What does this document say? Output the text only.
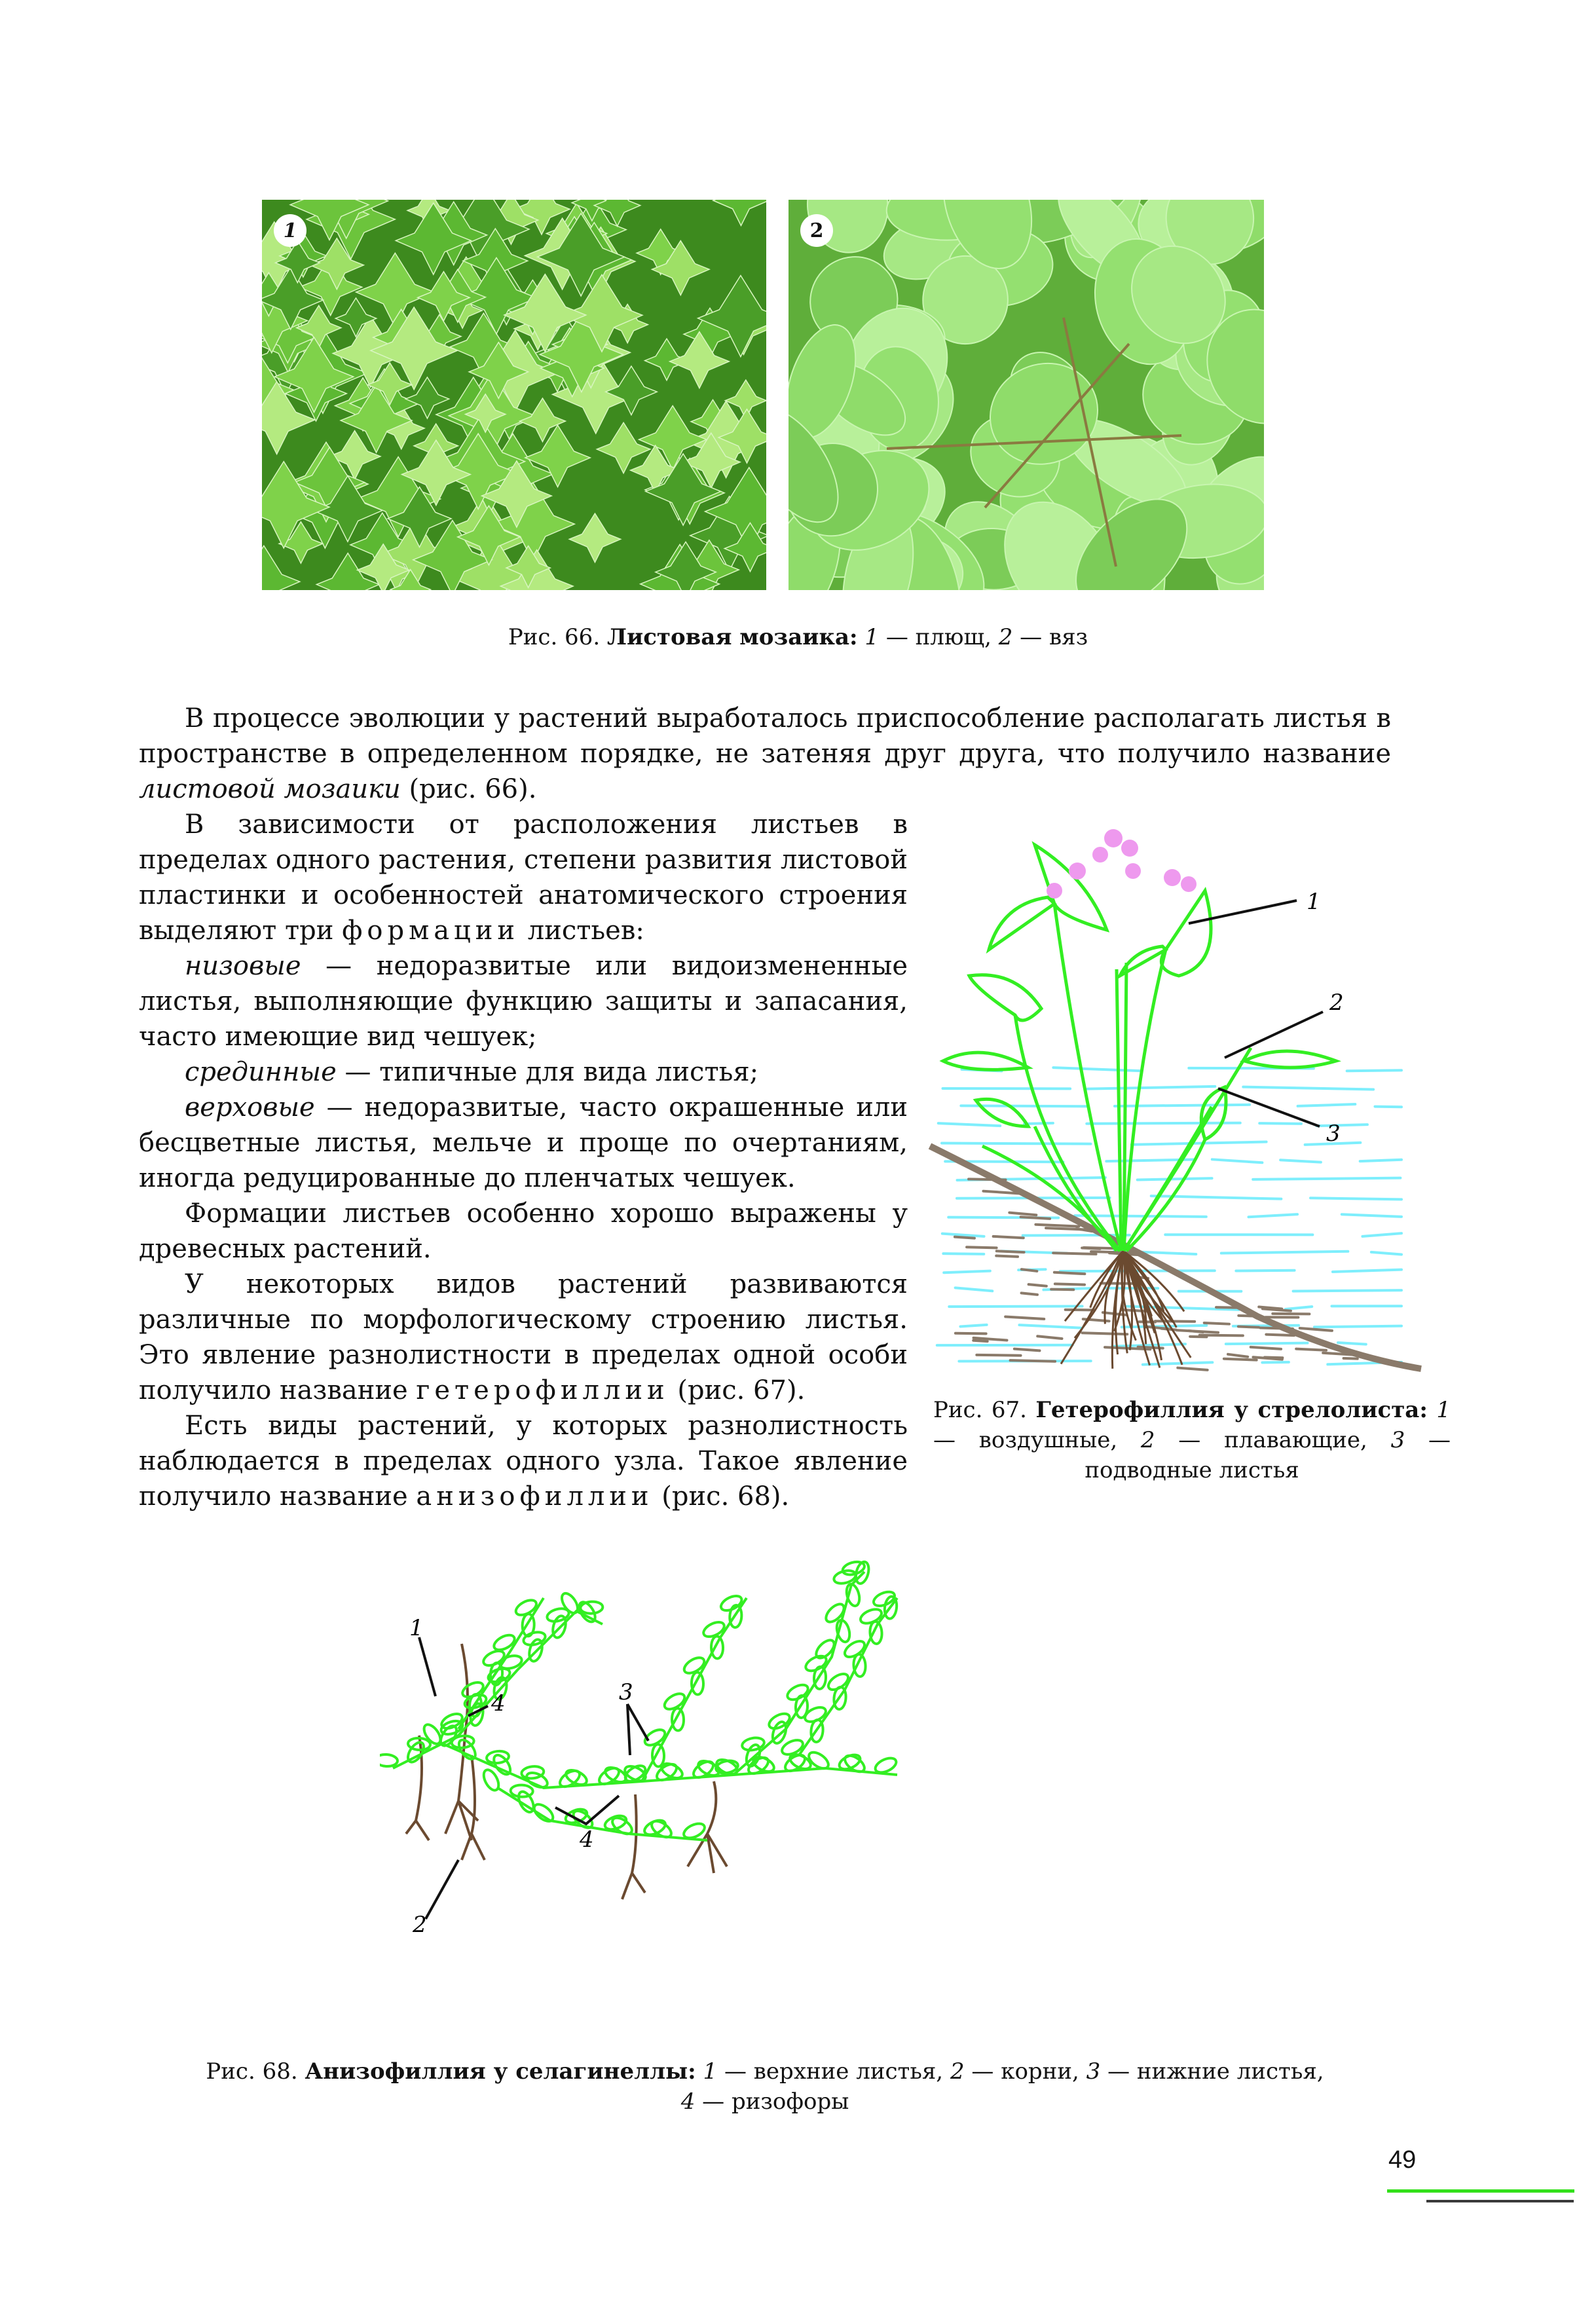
1	2
Рис. 66. Листовая мозаика: 1 — плющ, 2 — вяз

В процессе эволюции у растений выработалось приспособление располагать листья в пространстве в определенном порядке, не затеняя друг друга, что получило название листовой мозаики (рис. 66).

В зависимости от расположения листьев в пределах одного растения, степени развития листовой пластинки и особенностей анатомического строения выделяют три формации листьев:

низовые — недоразвитые или видоизмененные листья, выполняющие функцию защиты и запасания, часто имеющие вид чешуек;

срединные — типичные для вида листья;

верховые — недоразвитые, часто окрашенные или бесцветные листья, мельче и проще по очертаниям, иногда редуцированные до пленчатых чешуек.

Формации листьев особенно хорошо выражены у древесных растений.

У некоторых видов растений развиваются различные по морфологическому строению листья. Это явление разнолистности в пределах одной особи получило название гетерофиллии (рис. 67).

Есть виды растений, у которых разнолистность наблюдается в пределах одного узла. Такое явление получило название анизофиллии (рис. 68).

1
2
3
Рис. 67. Гетерофиллия у стрелолиста: 1 — воздушные, 2 — плавающие, 3 — подводные листья
1
4
2
3
4
Рис. 68. Анизофиллия у селагинеллы: 1 — верхние листья, 2 — корни, 3 — нижние листья,
4 — ризофоры
49
